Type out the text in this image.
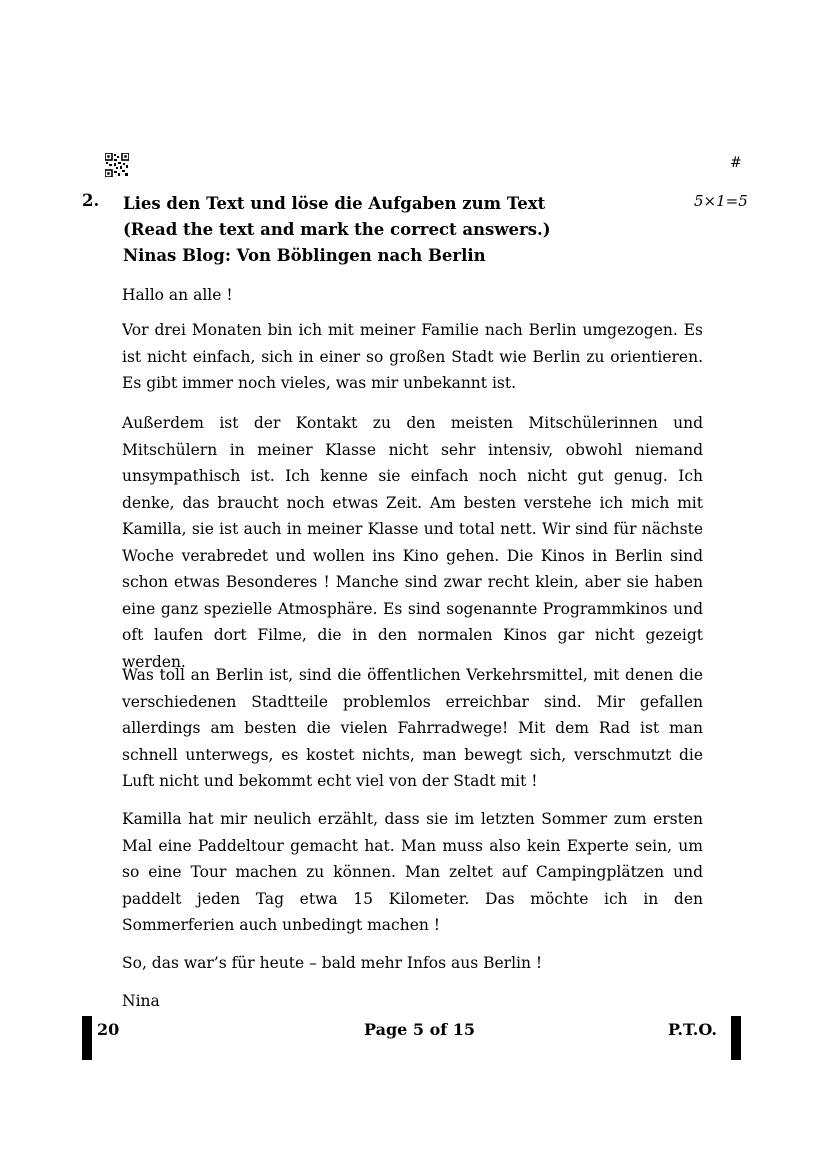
#
2. Lies den Text und löse die Aufgaben zum Text
(Read the text and mark the correct answers.)
Ninas Blog: Von Böblingen nach Berlin
5×1=5
Hallo an alle !
Vor drei Monaten bin ich mit meiner Familie nach Berlin umgezogen. Es ist nicht einfach, sich in einer so großen Stadt wie Berlin zu orientieren. Es gibt immer noch vieles, was mir unbekannt ist.
Außerdem ist der Kontakt zu den meisten Mitschülerinnen und Mitschülern in meiner Klasse nicht sehr intensiv, obwohl niemand unsympathisch ist. Ich kenne sie einfach noch nicht gut genug. Ich denke, das braucht noch etwas Zeit. Am besten verstehe ich mich mit Kamilla, sie ist auch in meiner Klasse und total nett. Wir sind für nächste Woche verabredet und wollen ins Kino gehen. Die Kinos in Berlin sind schon etwas Besonderes ! Manche sind zwar recht klein, aber sie haben eine ganz spezielle Atmosphäre. Es sind sogenannte Programmkinos und oft laufen dort Filme, die in den normalen Kinos gar nicht gezeigt werden.
Was toll an Berlin ist, sind die öffentlichen Verkehrsmittel, mit denen die verschiedenen Stadtteile problemlos erreichbar sind. Mir gefallen allerdings am besten die vielen Fahrradwege! Mit dem Rad ist man schnell unterwegs, es kostet nichts, man bewegt sich, verschmutzt die Luft nicht und bekommt echt viel von der Stadt mit !
Kamilla hat mir neulich erzählt, dass sie im letzten Sommer zum ersten Mal eine Paddeltour gemacht hat. Man muss also kein Experte sein, um so eine Tour machen zu können. Man zeltet auf Campingplätzen und paddelt jeden Tag etwa 15 Kilometer. Das möchte ich in den Sommerferien auch unbedingt machen !
So, das war’s für heute – bald mehr Infos aus Berlin !
Nina
20	Page 5 of 15	P.T.O.
